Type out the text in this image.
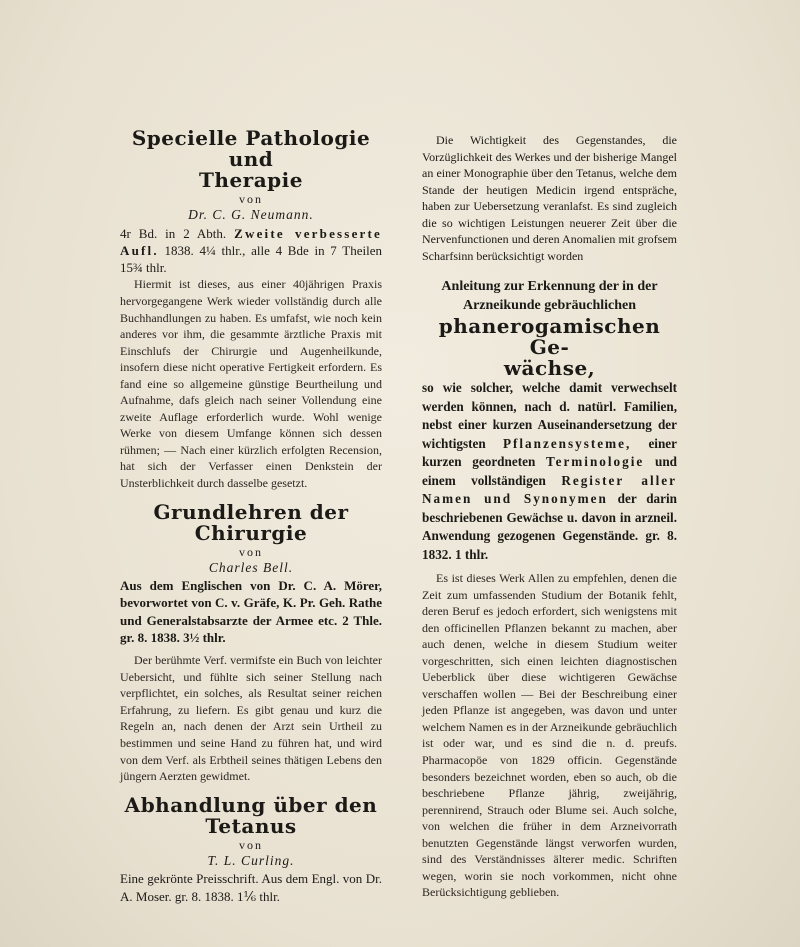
Specielle Pathologie und

Therapie

von

Dr. C. G. Neumann.

4r Bd. in 2 Abth. Zweite verbesserte Aufl. 1838. 4¼ thlr., alle 4 Bde in 7 Theilen 15¾ thlr.

Hiermit ist dieses, aus einer 40jährigen Praxis hervorgegangene Werk wieder vollständig durch alle Buchhandlungen zu haben. Es umfafst, wie noch kein anderes vor ihm, die gesammte ärztliche Praxis mit Einschlufs der Chirurgie und Augenheilkunde, insofern diese nicht operative Fertigkeit erfordern. Es fand eine so allgemeine günstige Beurtheilung und Aufnahme, dafs gleich nach seiner Vollendung eine zweite Auflage erforderlich wurde. Wohl wenige Werke von diesem Umfange können sich dessen rühmen; — Nach einer kürzlich erfolgten Recension, hat sich der Verfasser einen Denkstein der Unsterblichkeit durch dasselbe gesetzt.

Grundlehren der Chirurgie

von

Charles Bell.

Aus dem Englischen von Dr. C. A. Mörer, bevorwortet von C. v. Gräfe, K. Pr. Geh. Rathe und Generalstabsarzte der Armee etc. 2 Thle. gr. 8. 1838. 3½ thlr.

Der berühmte Verf. vermifste ein Buch von leichter Uebersicht, und fühlte sich seiner Stellung nach verpflichtet, ein solches, als Resultat seiner reichen Erfahrung, zu liefern. Es gibt genau und kurz die Regeln an, nach denen der Arzt sein Urtheil zu bestimmen und seine Hand zu führen hat, und wird von dem Verf. als Erbtheil seines thätigen Lebens den jüngern Aerzten gewidmet.

Abhandlung über den

Tetanus

von

T. L. Curling.

Eine gekrönte Preisschrift. Aus dem Engl. von Dr. A. Moser. gr. 8. 1838. 1⅙ thlr.

Die Wichtigkeit des Gegenstandes, die Vorzüglichkeit des Werkes und der bisherige Mangel an einer Monographie über den Tetanus, welche dem Stande der heutigen Medicin irgend entspräche, haben zur Uebersetzung veranlafst. Es sind zugleich die so wichtigen Leistungen neuerer Zeit über die Nervenfunctionen und deren Anomalien mit grofsem Scharfsinn berücksichtigt worden

Anleitung zur Erkennung der in der Arzneikunde gebräuchlichen

phanerogamischen Ge-

wächse,

so wie solcher, welche damit verwechselt werden können, nach d. natürl. Familien, nebst einer kurzen Auseinandersetzung der wichtigsten Pflanzensysteme, einer kurzen geordneten Terminologie und einem vollständigen Register aller Namen und Synonymen der darin beschriebenen Gewächse u. davon in arzneil. Anwendung gezogenen Gegenstände. gr. 8. 1832. 1 thlr.

Es ist dieses Werk Allen zu empfehlen, denen die Zeit zum umfassenden Studium der Botanik fehlt, deren Beruf es jedoch erfordert, sich wenigstens mit den officinellen Pflanzen bekannt zu machen, aber auch denen, welche in diesem Studium weiter vorgeschritten, sich einen leichten diagnostischen Ueberblick über diese wichtigeren Gewächse verschaffen wollen — Bei der Beschreibung einer jeden Pflanze ist angegeben, was davon und unter welchem Namen es in der Arzneikunde gebräuchlich ist oder war, und es sind die n. d. preufs. Pharmacopöe von 1829 officin. Gegenstände besonders bezeichnet worden, eben so auch, ob die beschriebene Pflanze jährig, zweijährig, perennirend, Strauch oder Blume sei. Auch solche, von welchen die früher in dem Arzneivorrath benutzten Gegenstände längst verworfen wurden, sind des Verständnisses älterer medic. Schriften wegen, worin sie noch vorkommen, nicht ohne Berücksichtigung geblieben.
